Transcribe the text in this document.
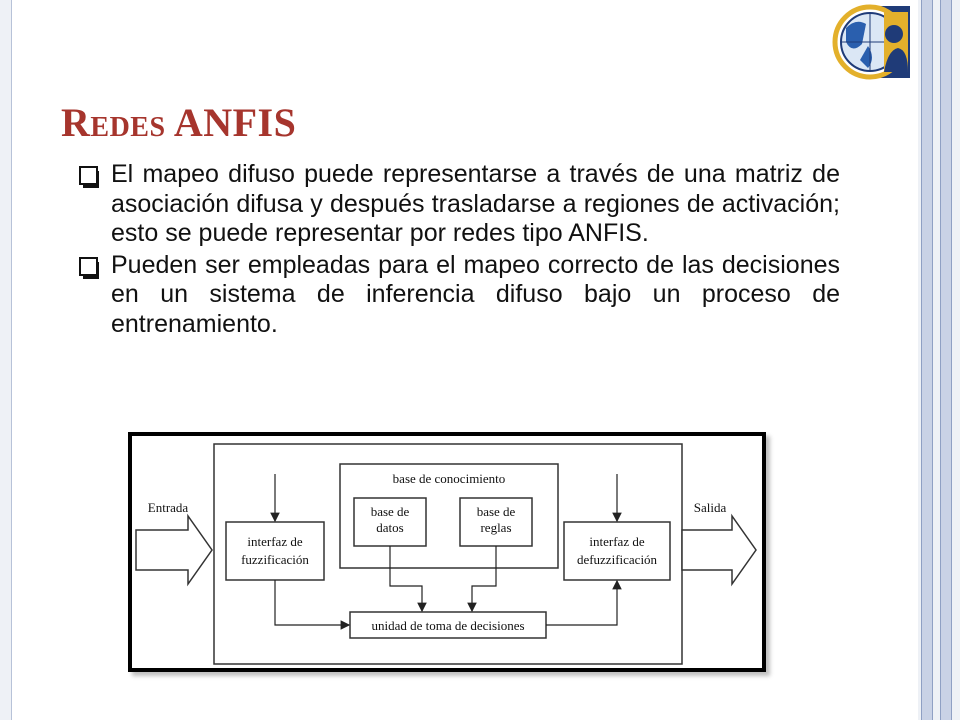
Redes ANFIS
El mapeo difuso puede representarse a través de una matriz de asociación difusa y después trasladarse a regiones de activación; esto se puede representar por redes tipo ANFIS.
Pueden ser empleadas para el mapeo correcto de las decisiones en un sistema de inferencia difuso bajo un proceso de entrenamiento.
base de conocimiento
base de
datos
base de
reglas
interfaz de
fuzzificación
interfaz de
defuzzificación
unidad de toma de decisiones
Entrada	Salida
